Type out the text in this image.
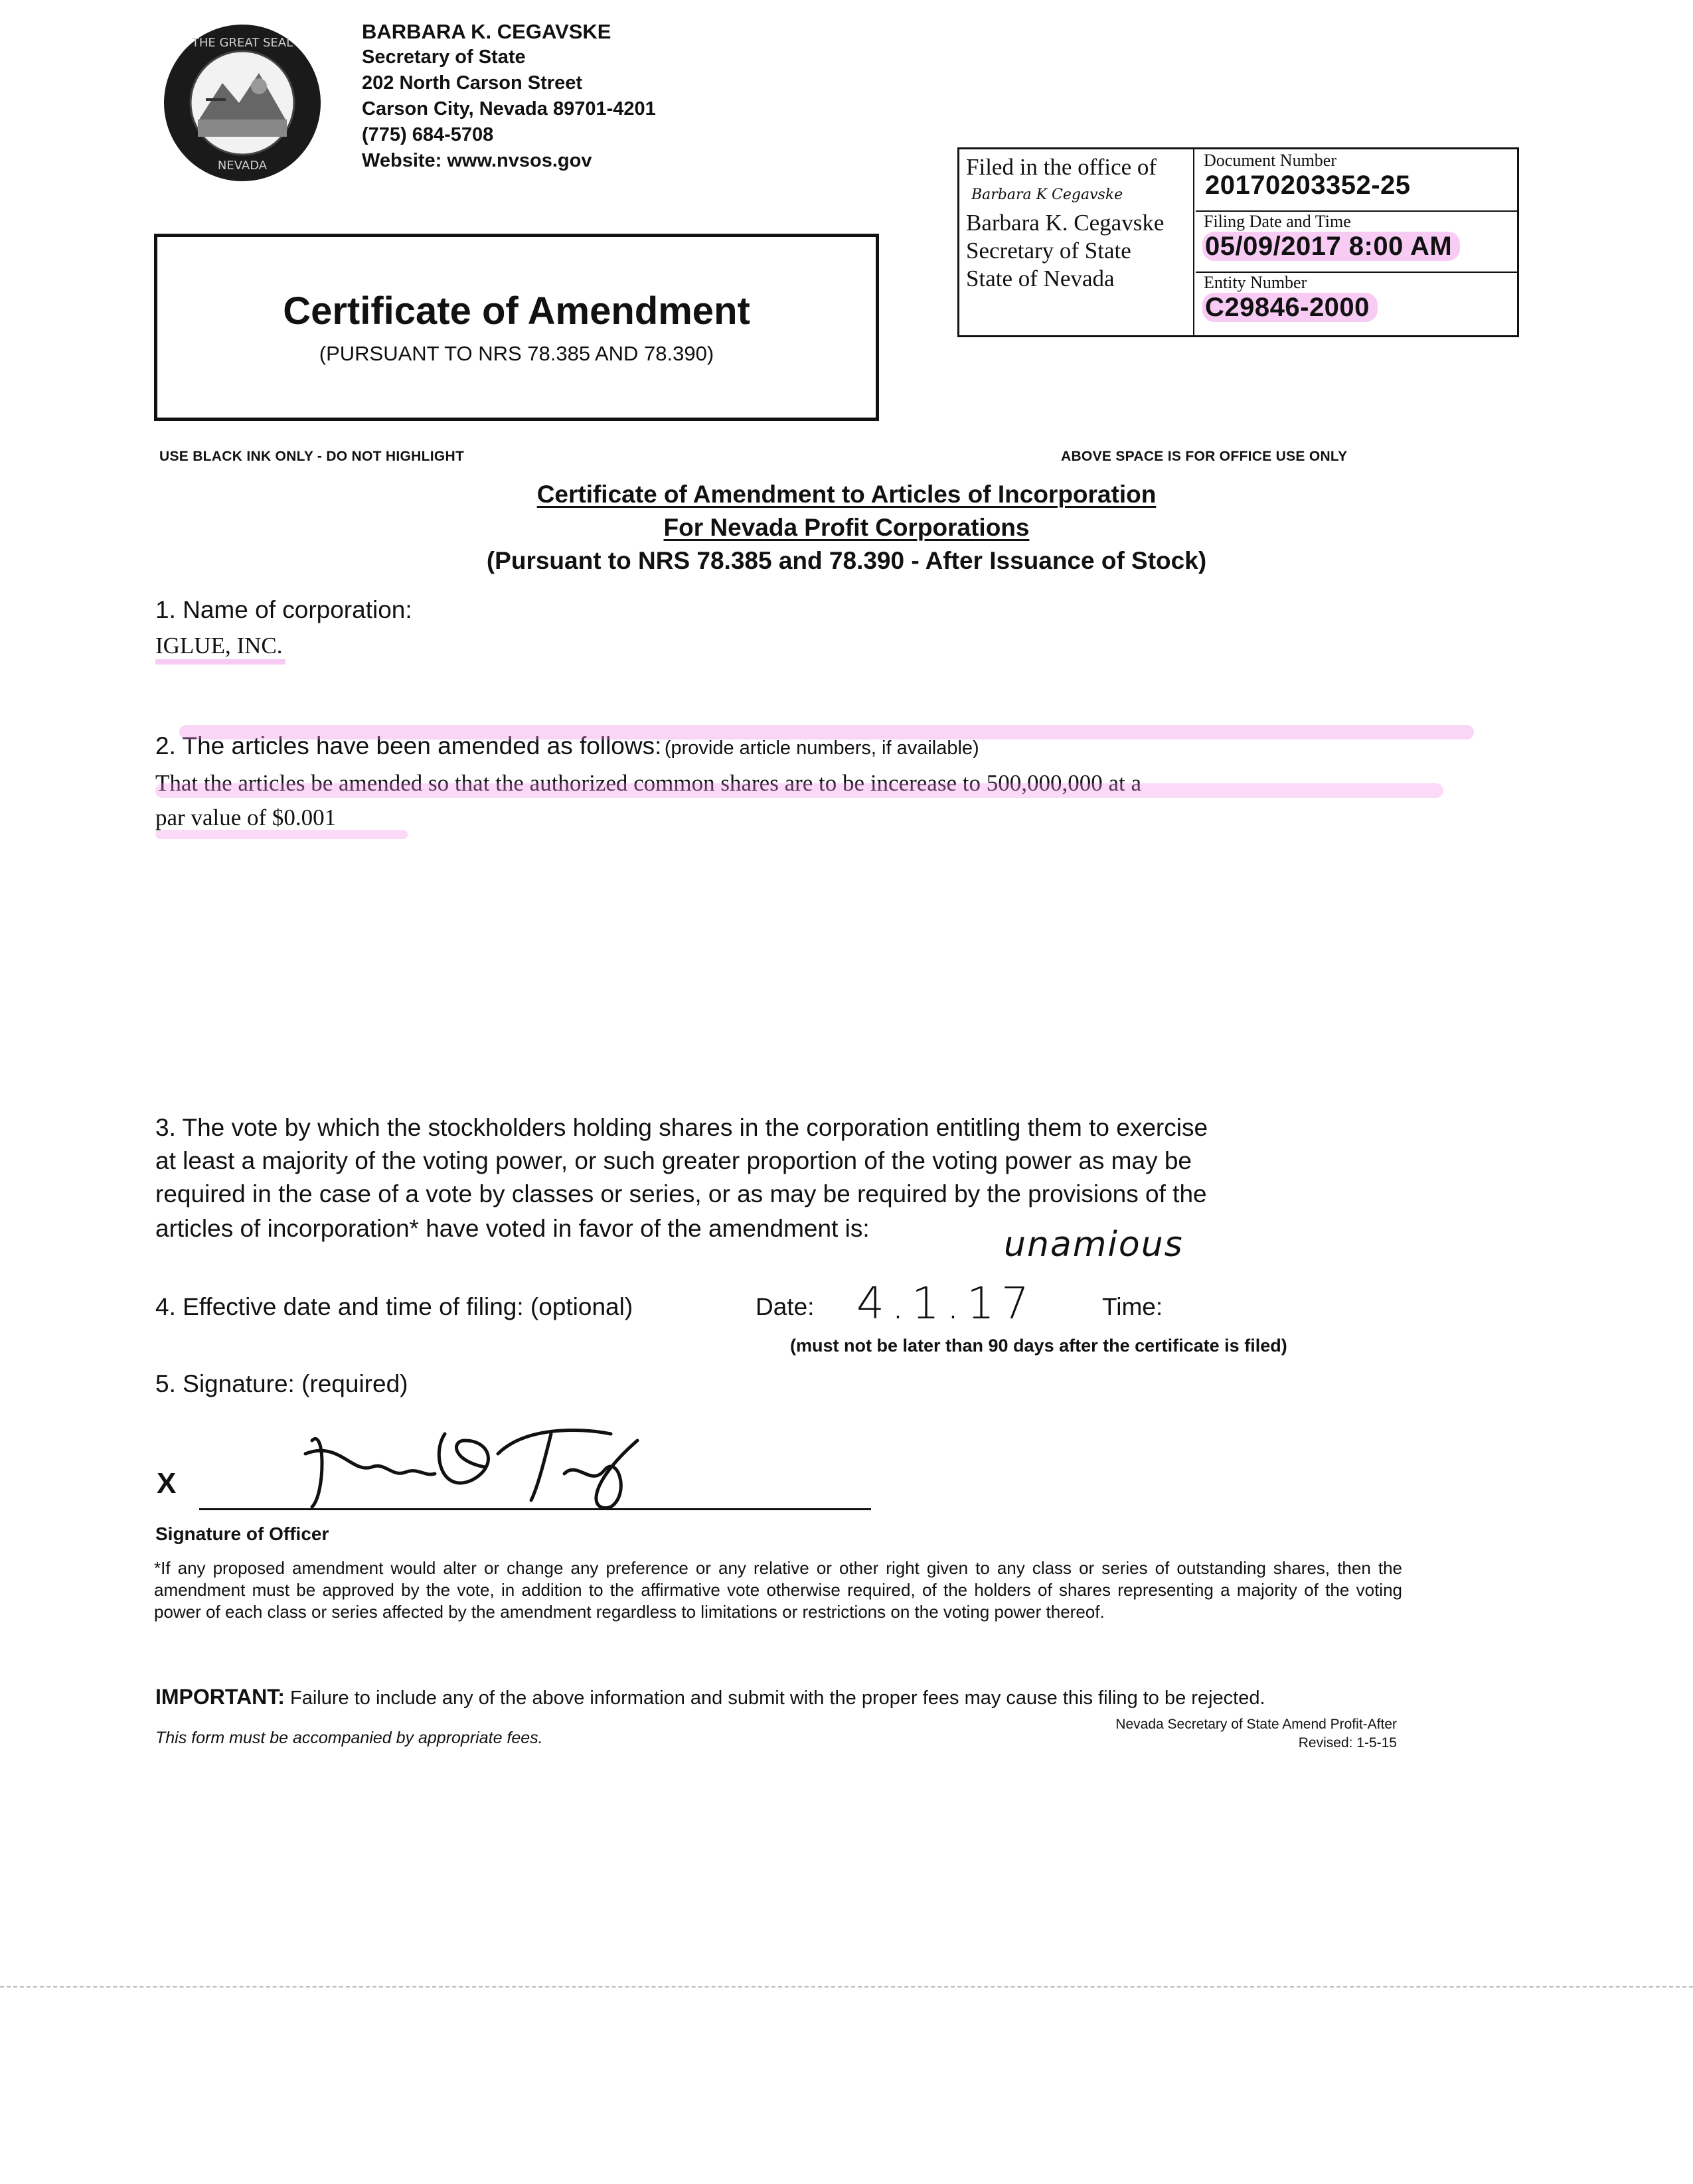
THE GREAT SEAL
NEVADA
BARBARA K. CEGAVSKE
Secretary of State
202 North Carson Street
Carson City, Nevada 89701-4201
(775) 684-5708
Website: www.nvsos.gov
Certificate of Amendment
(PURSUANT TO NRS 78.385 AND 78.390)
Filed in the office of
Barbara K Cegavske
Barbara K. Cegavske
Secretary of State
State of Nevada
Document Number
20170203352-25
Filing Date and Time
05/09/2017 8:00 AM
Entity Number
C29846-2000
USE BLACK INK ONLY - DO NOT HIGHLIGHT	ABOVE SPACE IS FOR OFFICE USE ONLY
Certificate of Amendment to Articles of Incorporation
For Nevada Profit Corporations
(Pursuant to NRS 78.385 and 78.390 - After Issuance of Stock)
1. Name of corporation:
IGLUE, INC.
2. The articles have been amended as follows: (provide article numbers, if available)
That the articles be amended so that the authorized common shares are to be incerease to 500,000,000 at a
par value of $0.001
3. The vote by which the stockholders holding shares in the corporation entitling them to exercise
at least a majority of the voting power, or such greater proportion of the voting power as may be
required in the case of a vote by classes or series, or as may be required by the provisions of the
articles of incorporation* have voted in favor of the amendment is:	unamious
4. Effective date and time of filing: (optional)	Date: 4.1.17	Time:
(must not be later than 90 days after the certificate is filed)
5. Signature: (required)
X
Signature of Officer
*If any proposed amendment would alter or change any preference or any relative or other right given to any class or series of outstanding shares, then the amendment must be approved by the vote, in addition to the affirmative vote otherwise required, of the holders of shares representing a majority of the voting power of each class or series affected by the amendment regardless to limitations or restrictions on the voting power thereof.
IMPORTANT: Failure to include any of the above information and submit with the proper fees may cause this filing to be rejected.
This form must be accompanied by appropriate fees.
Nevada Secretary of State Amend Profit-After
Revised: 1-5-15
